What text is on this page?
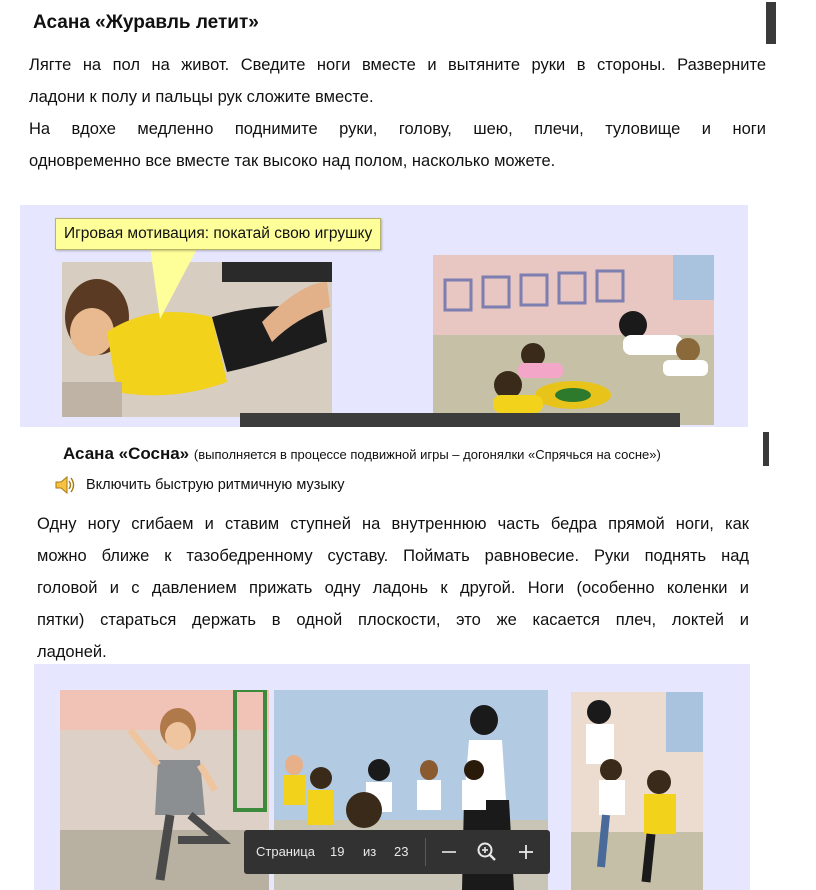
Асана «Журавль летит»
Лягте на пол на живот. Сведите ноги вместе и вытяните руки в стороны. Разверните
ладони к полу и пальцы рук сложите вместе.
На вдохе медленно поднимите руки, голову, шею, плечи, туловище и ноги
одновременно все вместе так высоко над полом, насколько можете.
Игровая мотивация: покатай свою игрушку
Асана «Сосна» (выполняется в процессе подвижной игры – догонялки «Спрячься на сосне»)
Включить быструю ритмичную музыку
Одну ногу сгибаем и ставим ступней на внутреннюю часть бедра прямой ноги, как
можно ближе к тазобедренному суставу. Поймать равновесие. Руки поднять над
головой и с давлением прижать одну ладонь к другой. Ноги (особенно коленки и
пятки) стараться держать в одной плоскости, это же касается плеч, локтей и
ладоней.
Страница 19 из 23
